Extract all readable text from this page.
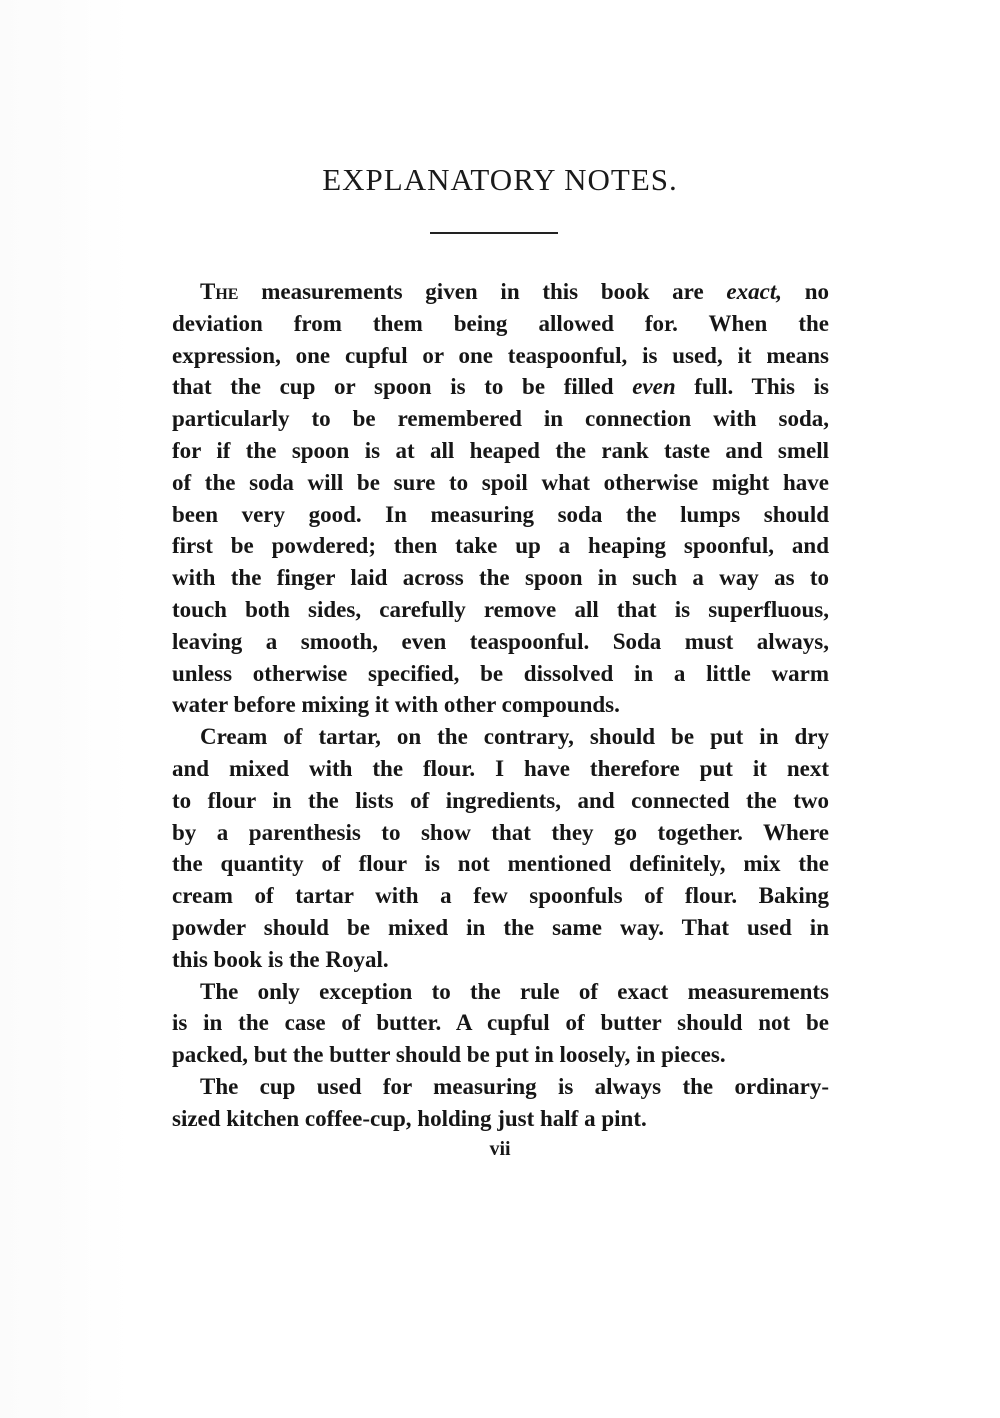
EXPLANATORY NOTES.

The measurements given in this book are exact, no
deviation from them being allowed for. When the
expression, one cupful or one teaspoonful, is used, it means
that the cup or spoon is to be filled even full. This is
particularly to be remembered in connection with soda,
for if the spoon is at all heaped the rank taste and smell
of the soda will be sure to spoil what otherwise might have
been very good. In measuring soda the lumps should
first be powdered; then take up a heaping spoonful, and
with the finger laid across the spoon in such a way as to
touch both sides, carefully remove all that is superfluous,
leaving a smooth, even teaspoonful. Soda must always,
unless otherwise specified, be dissolved in a little warm
water before mixing it with other compounds.

Cream of tartar, on the contrary, should be put in dry
and mixed with the flour. I have therefore put it next
to flour in the lists of ingredients, and connected the two
by a parenthesis to show that they go together. Where
the quantity of flour is not mentioned definitely, mix the
cream of tartar with a few spoonfuls of flour. Baking
powder should be mixed in the same way. That used in
this book is the Royal.

The only exception to the rule of exact measurements
is in the case of butter. A cupful of butter should not be
packed, but the butter should be put in loosely, in pieces.

The cup used for measuring is always the ordinary-
sized kitchen coffee-cup, holding just half a pint.

vii
